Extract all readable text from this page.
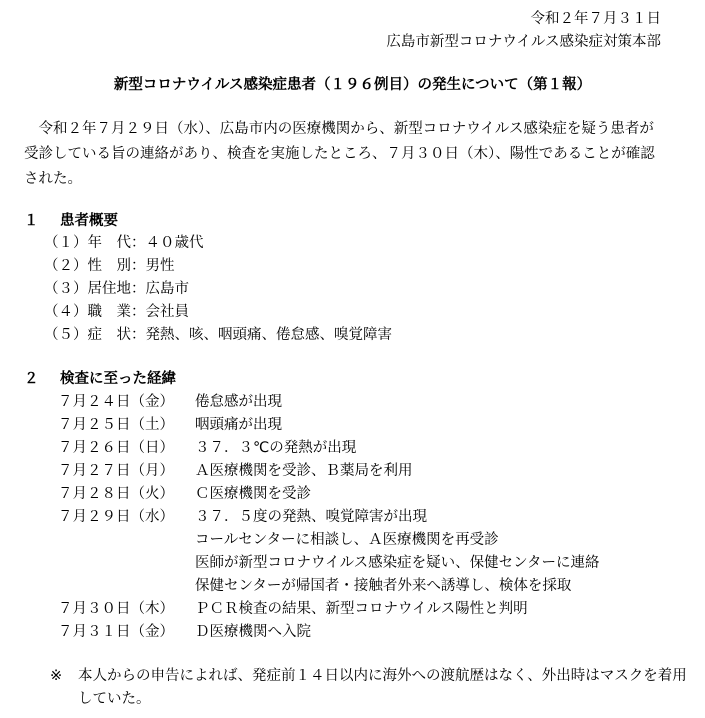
令和２年７月３１日
広島市新型コロナウイルス感染症対策本部
新型コロナウイルス感染症患者（１９６例目）の発生について（第１報）
　令和２年７月２９日（水）、広島市内の医療機関から、新型コロナウイルス感染症を疑う患者が受診している旨の連絡があり、検査を実施したところ、７月３０日（木）、陽性であることが確認された。
１ 患者概要
（１）年　代：４０歳代
（２）性　別：男性
（３）居住地：広島市
（４）職　業：会社員
（５）症　状：発熱、咳、咽頭痛、倦怠感、嗅覚障害
２ 検査に至った経緯
７月２４日（金） 倦怠感が出現
７月２５日（土） 咽頭痛が出現
７月２６日（日） ３７．３℃の発熱が出現
７月２７日（月） Ａ医療機関を受診、Ｂ薬局を利用
７月２８日（火） Ｃ医療機関を受診
７月２９日（水） ３７．５度の発熱、嗅覚障害が出現
コールセンターに相談し、Ａ医療機関を再受診
医師が新型コロナウイルス感染症を疑い、保健センターに連絡
保健センターが帰国者・接触者外来へ誘導し、検体を採取
７月３０日（木） ＰＣＲ検査の結果、新型コロナウイルス陽性と判明
７月３１日（金） Ｄ医療機関へ入院
※ 本人からの申告によれば、発症前１４日以内に海外への渡航歴はなく、外出時はマスクを着用していた。
